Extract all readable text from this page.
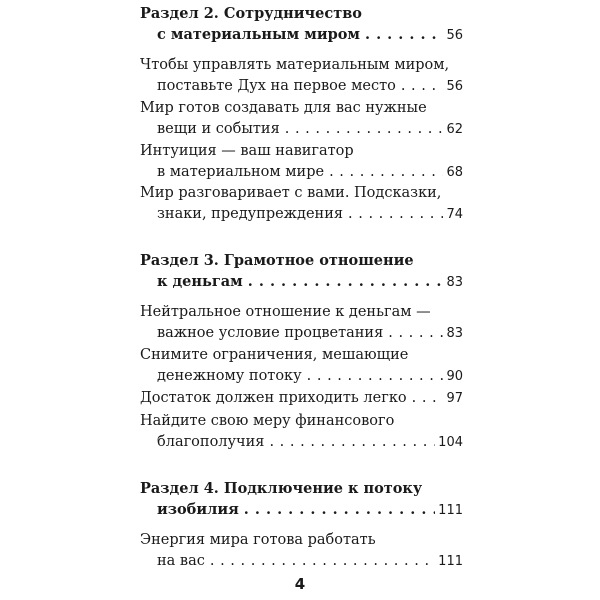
Раздел 2. Сотрудничество
с материальным миром . . .	56
Чтобы управлять материальным миром,
поставьте Дух на первое место . . .	56
Мир готов создавать для вас нужные
вещи и события . . .	62
Интуиция — ваш навигатор
в материальном мире . . .	68
Мир разговаривает с вами. Подсказки,
знаки, предупреждения . . .	74
Раздел 3. Грамотное отношение
к деньгам . . .	83
Нейтральное отношение к деньгам —
важное условие процветания . . .	83
Снимите ограничения, мешающие
денежному потоку . . .	90
Достаток должен приходить легко . . .	97
Найдите свою меру финансового
благополучия . . .	104
Раздел 4. Подключение к потоку
изобилия . . .	111
Энергия мира готова работать
на вас . . .	111
4
